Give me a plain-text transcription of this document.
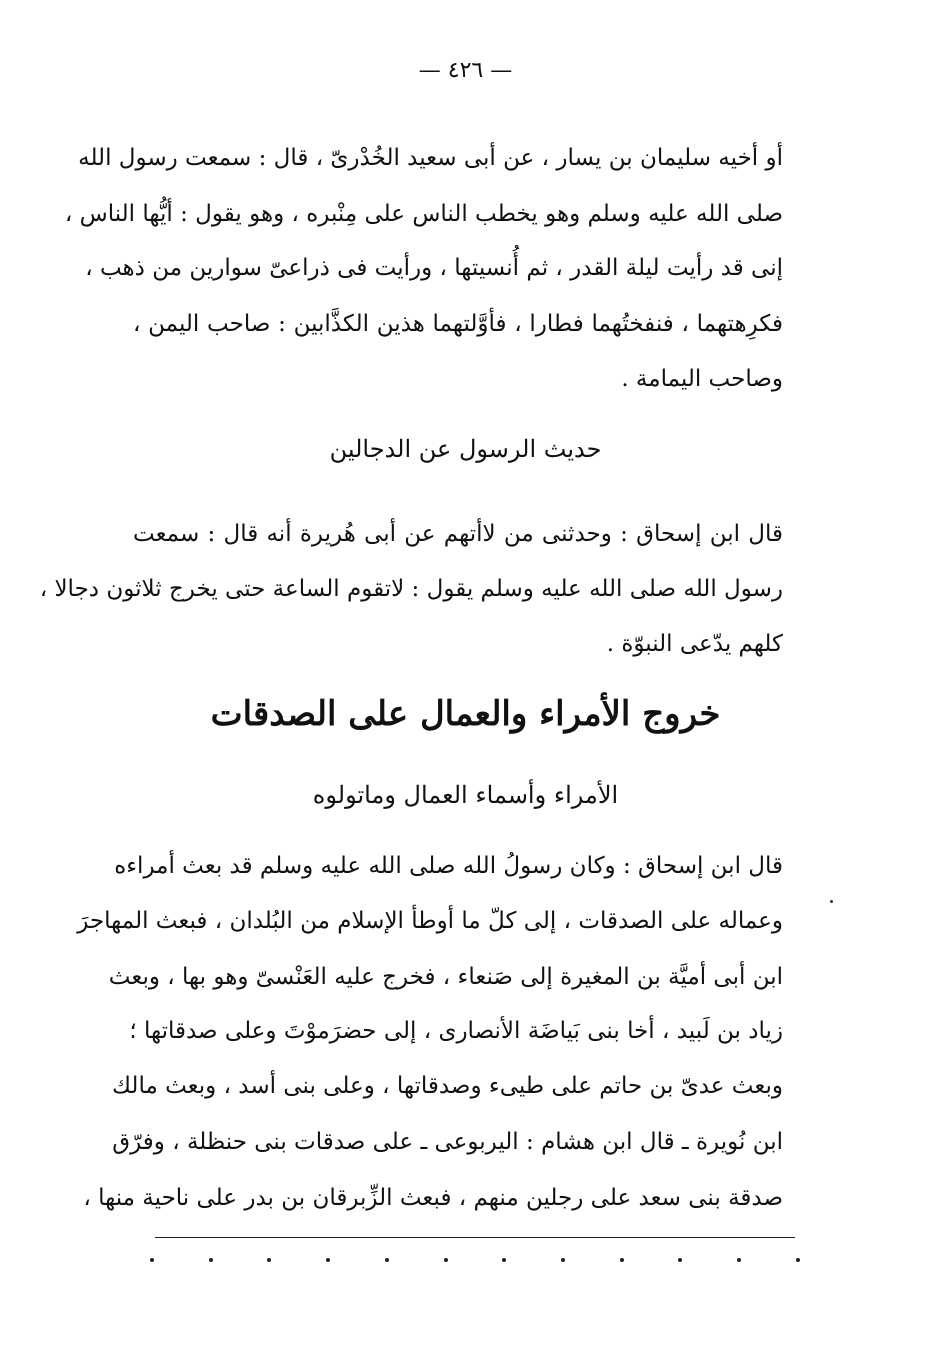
— ٤٢٦ —
أو أخيه سليمان بن يسار ، عن أبى سعيد الخُدْرىّ ، قال : سمعت رسول الله
صلى الله عليه وسلم وهو يخطب الناس على مِنْبره ، وهو يقول : أيُّها الناس ،
إنى قد رأيت ليلة القدر ، ثم أُنسيتها ، ورأيت فى ذراعىّ سوارين من ذهب ،
فكرِهتهما ، فنفختُهما فطارا ، فأوَّلتهما هذين الكذَّابين : صاحب اليمن ،
وصاحب اليمامة .
حديث الرسول عن الدجالين
قال ابن إسحاق : وحدثنى من لاأتهم عن أبى هُريرة أنه قال : سمعت
رسول الله صلى الله عليه وسلم يقول : لاتقوم الساعة حتى يخرج ثلاثون دجالا ،
كلهم يدّعى النبوّة .
خروج الأمراء والعمال على الصدقات
الأمراء وأسماء العمال وماتولوه
قال ابن إسحاق : وكان رسولُ الله صلى الله عليه وسلم قد بعث أمراءه
وعماله على الصدقات ، إلى كلّ ما أوطأ الإسلام من البُلدان ، فبعث المهاجرَ
ابن أبى أميَّة بن المغيرة إلى صَنعاء ، فخرج عليه العَنْسىّ وهو بها ، وبعث
زياد بن لَبيد ، أخا بنى بَياضَة الأنصارى ، إلى حضرَموْتَ وعلى صدقاتها ؛
وبعث عدىّ بن حاتم على طيىء وصدقاتها ، وعلى بنى أسد ، وبعث مالك
ابن نُويرة ـ قال ابن هشام : اليربوعى ـ على صدقات بنى حنظلة ، وفرّق
صدقة بنى سعد على رجلين منهم ، فبعث الزِّبرقان بن بدر على ناحية منها ،
